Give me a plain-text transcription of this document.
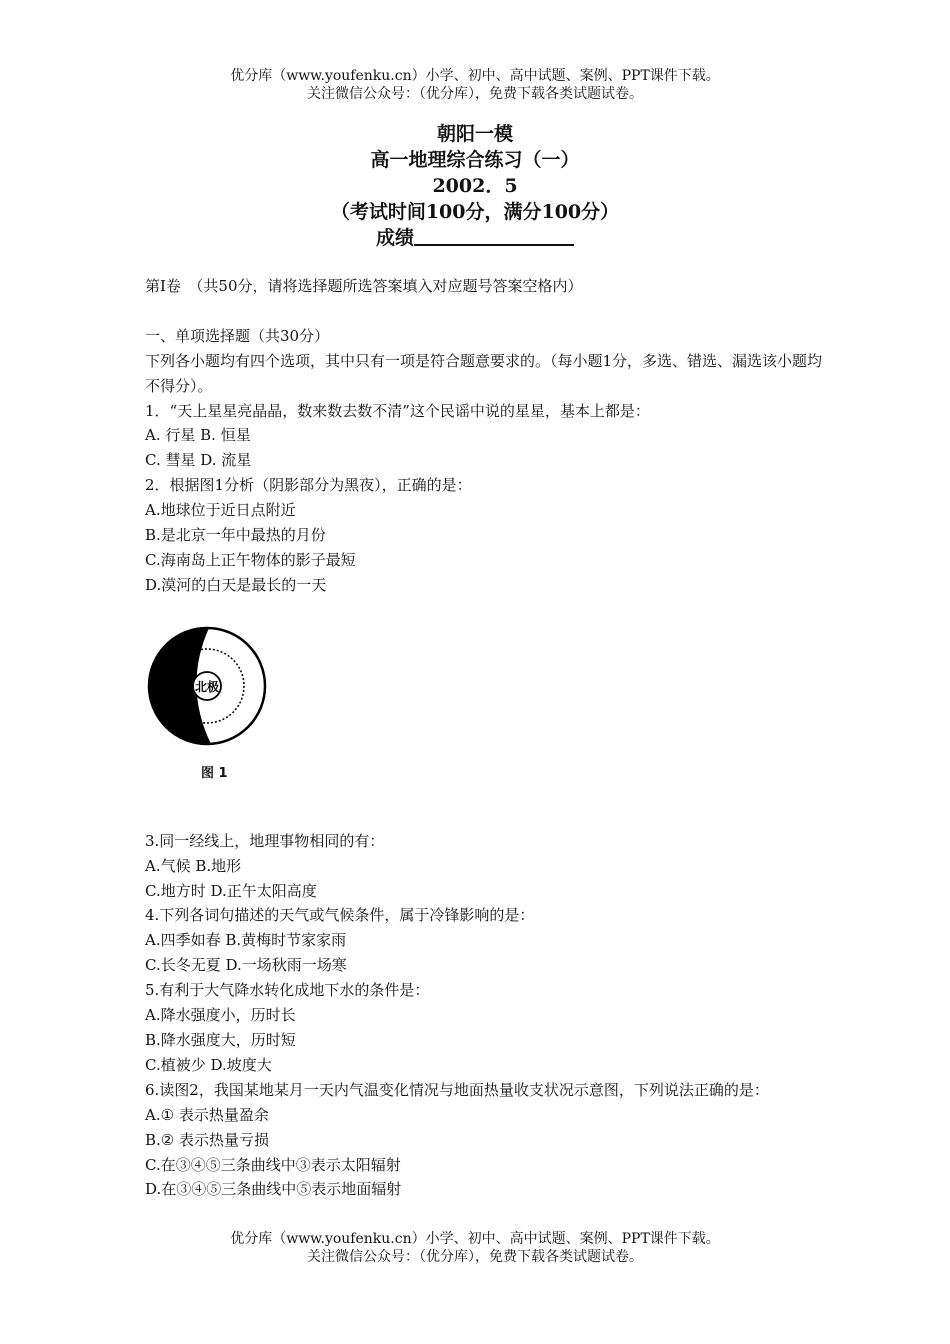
优分库（www.youfenku.cn）小学、初中、高中试题、案例、PPT课件下载。
关注微信公众号：（优分库），免费下载各类试题试卷。
朝阳一模
高一地理综合练习（一）
2002．5
（考试时间100分，满分100分）
成绩

第Ⅰ卷　（共50分，请将选择题所选答案填入对应题号答案空格内）

一、单项选择题（共30分）

下列各小题均有四个选项，其中只有一项是符合题意要求的。（每小题1分，多选、错选、漏选该小题均不得分）。

1．“天上星星亮晶晶，数来数去数不清”这个民谣中说的星星，基本上都是：

A. 行星 B. 恒星

C. 彗星 D. 流星

2．根据图1分析（阴影部分为黑夜），正确的是：

A.地球位于近日点附近

B.是北京一年中最热的月份

C.海南岛上正午物体的影子最短

D.漠河的白天是最长的一天

北极
图 1

3.同一经线上，地理事物相同的有：

A.气候 B.地形

C.地方时 D.正午太阳高度

4.下列各词句描述的天气或气候条件，属于冷锋影响的是：

A.四季如春 B.黄梅时节家家雨

C.长冬无夏 D.一场秋雨一场寒

5.有利于大气降水转化成地下水的条件是：

A.降水强度小，历时长

B.降水强度大，历时短

C.植被少 D.坡度大

6.读图2，我国某地某月一天内气温变化情况与地面热量收支状况示意图，下列说法正确的是：

A.① 表示热量盈余

B.② 表示热量亏损

C.在③④⑤三条曲线中③表示太阳辐射

D.在③④⑤三条曲线中⑤表示地面辐射

优分库（www.youfenku.cn）小学、初中、高中试题、案例、PPT课件下载。
关注微信公众号：（优分库），免费下载各类试题试卷。
